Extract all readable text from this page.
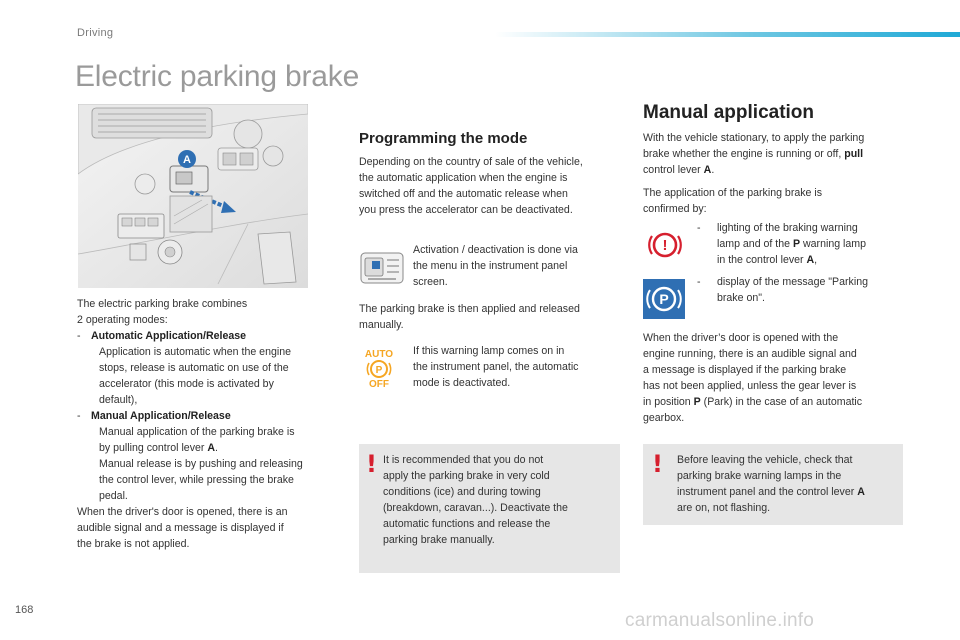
Driving
Electric parking brake
A
The electric parking brake combines
2 operating modes:
- Automatic Application/Release
Application is automatic when the engine
stops, release is automatic on use of the
accelerator (this mode is activated by
default),
- Manual Application/Release
Manual application of the parking brake is
by pulling control lever A.
Manual release is by pushing and releasing
the control lever, while pressing the brake
pedal.
When the driver's door is opened, there is an
audible signal and a message is displayed if
the brake is not applied.
Programming the mode
Depending on the country of sale of the vehicle,
the automatic application when the engine is
switched off and the automatic release when
you press the accelerator can be deactivated.
Activation / deactivation is done via
the menu in the instrument panel
screen.
The parking brake is then applied and released
manually.
AUTO
P
OFF
If this warning lamp comes on in
the instrument panel, the automatic
mode is deactivated.
! It is recommended that you do not
apply the parking brake in very cold
conditions (ice) and during towing
(breakdown, caravan...). Deactivate the
automatic functions and release the
parking brake manually.
Manual application
With the vehicle stationary, to apply the parking
brake whether the engine is running or off, pull
control lever A.
The application of the parking brake is
confirmed by:
!
-	lighting of the braking warning
lamp and of the P warning lamp
in the control lever A,
P
-	display of the message "Parking
brake on".
When the driver’s door is opened with the
engine running, there is an audible signal and
a message is displayed if the parking brake
has not been applied, unless the gear lever is
in position P (Park) in the case of an automatic
gearbox.
! Before leaving the vehicle, check that
parking brake warning lamps in the
instrument panel and the control lever A
are on, not flashing.
168	carmanualsonline.info
